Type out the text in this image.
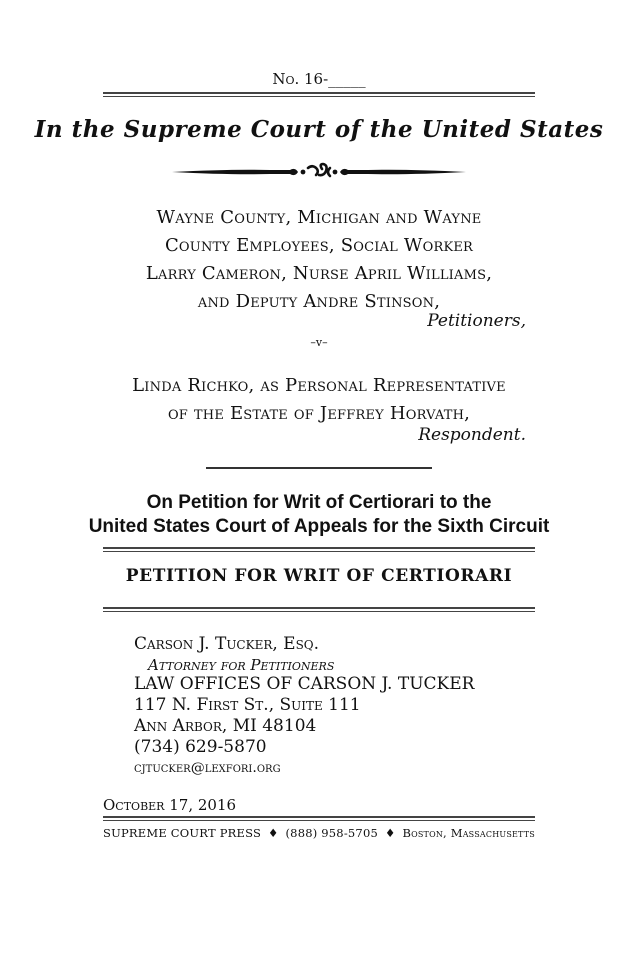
No. 16-_____
In the Supreme Court of the United States
Wayne County, Michigan and Wayne
County Employees, Social Worker
Larry Cameron, Nurse April Williams,
and Deputy Andre Stinson,
Petitioners,
–v–
Linda Richko, as Personal Representative
of the Estate of Jeffrey Horvath,
Respondent.
On Petition for Writ of Certiorari to the
United States Court of Appeals for the Sixth Circuit
PETITION FOR WRIT OF CERTIORARI
Carson J. Tucker, Esq.
Attorney for Petitioners
LAW OFFICES OF CARSON J. TUCKER
117 N. First St., Suite 111
Ann Arbor, MI 48104
(734) 629-5870
cjtucker@lexfori.org
October 17, 2016
SUPREME COURT PRESS ♦ (888) 958-5705 ♦ Boston, Massachusetts
